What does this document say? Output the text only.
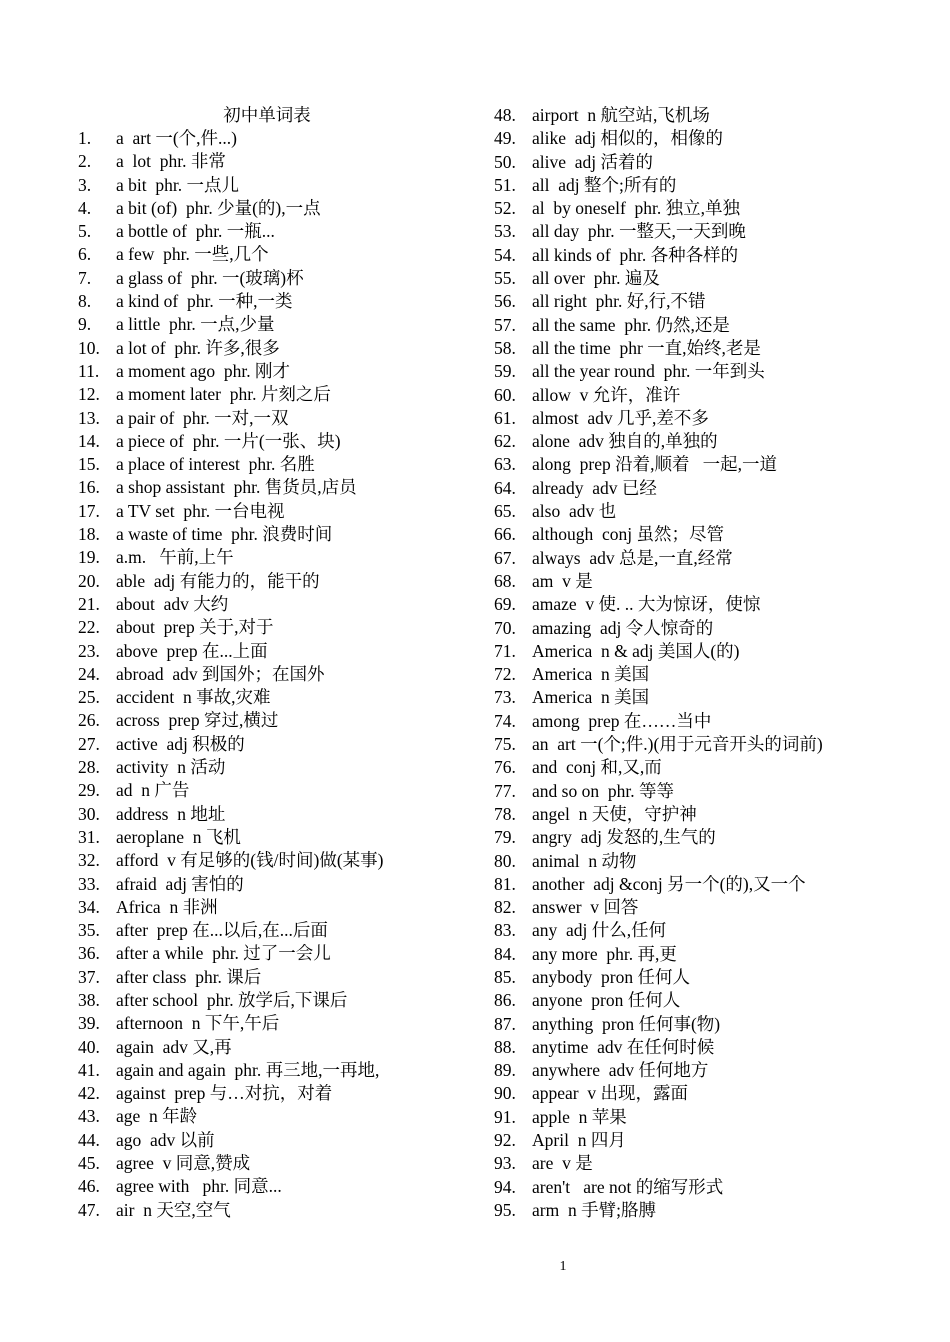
初中单词表
1.	a  art 一(个,件...)
2.	a  lot  phr. 非常
3.	a bit  phr. 一点儿
4.	a bit (of)  phr. 少量(的),一点
5.	a bottle of  phr. 一瓶...
6.	a few  phr. 一些,几个
7.	a glass of  phr. 一(玻璃)杯
8.	a kind of  phr. 一种,一类
9.	a little  phr. 一点,少量
10. a lot of  phr. 许多,很多
11. a moment ago  phr. 刚才
12. a moment later  phr. 片刻之后
13. a pair of  phr. 一对,一双
14. a piece of  phr. 一片(一张、块)
15. a place of interest  phr. 名胜
16. a shop assistant  phr. 售货员,店员
17. a TV set  phr. 一台电视
18. a waste of time  phr. 浪费时间
19. a.m.   午前,上午
20. able  adj 有能力的，能干的
21. about  adv 大约
22. about  prep 关于,对于
23. above  prep 在...上面
24. abroad  adv 到国外；在国外
25. accident  n 事故,灾难
26. across  prep 穿过,横过
27. active  adj 积极的
28. activity  n 活动
29. ad  n 广告
30. address  n 地址
31. aeroplane  n 飞机
32. afford  v 有足够的(钱/时间)做(某事)
33. afraid  adj 害怕的
34. Africa  n 非洲
35. after  prep 在...以后,在...后面
36. after a while  phr. 过了一会儿
37. after class  phr. 课后
38. after school  phr. 放学后,下课后
39. afternoon  n 下午,午后
40. again  adv 又,再
41. again and again  phr. 再三地,一再地,
42. against  prep 与…对抗，对着
43. age  n 年龄
44. ago  adv 以前
45. agree  v 同意,赞成
46. agree with   phr. 同意...
47. air  n 天空,空气
48. airport  n 航空站,飞机场
49. alike  adj 相似的，相像的
50. alive  adj 活着的
51. all  adj 整个;所有的
52. al  by oneself  phr. 独立,单独
53. all day  phr. 一整天,一天到晚
54. all kinds of  phr. 各种各样的
55. all over  phr. 遍及
56. all right  phr. 好,行,不错
57. all the same  phr. 仍然,还是
58. all the time  phr 一直,始终,老是
59. all the year round  phr. 一年到头
60. allow  v 允许，准许
61. almost  adv 几乎,差不多
62. alone  adv 独自的,单独的
63. along  prep 沿着,顺着   一起,一道
64. already  adv 已经
65. also  adv 也
66. although  conj 虽然；尽管
67. always  adv 总是,一直,经常
68. am  v 是
69. amaze  v 使. .. 大为惊讶，使惊
70. amazing  adj 令人惊奇的
71. America  n & adj 美国人(的)
72. America  n 美国
73. America  n 美国
74. among  prep 在……当中
75. an  art 一(个;件.)(用于元音开头的词前)
76. and  conj 和,又,而
77. and so on  phr. 等等
78. angel  n 天使，守护神
79. angry  adj 发怒的,生气的
80. animal  n 动物
81. another  adj &conj 另一个(的),又一个
82. answer  v 回答
83. any  adj 什么,任何
84. any more  phr. 再,更
85. anybody  pron 任何人
86. anyone  pron 任何人
87. anything  pron 任何事(物)
88. anytime  adv 在任何时候
89. anywhere  adv 任何地方
90. appear  v 出现，露面
91. apple  n 苹果
92. April  n 四月
93. are  v 是
94. aren't   are not 的缩写形式
95. arm  n 手臂;胳膊
1
